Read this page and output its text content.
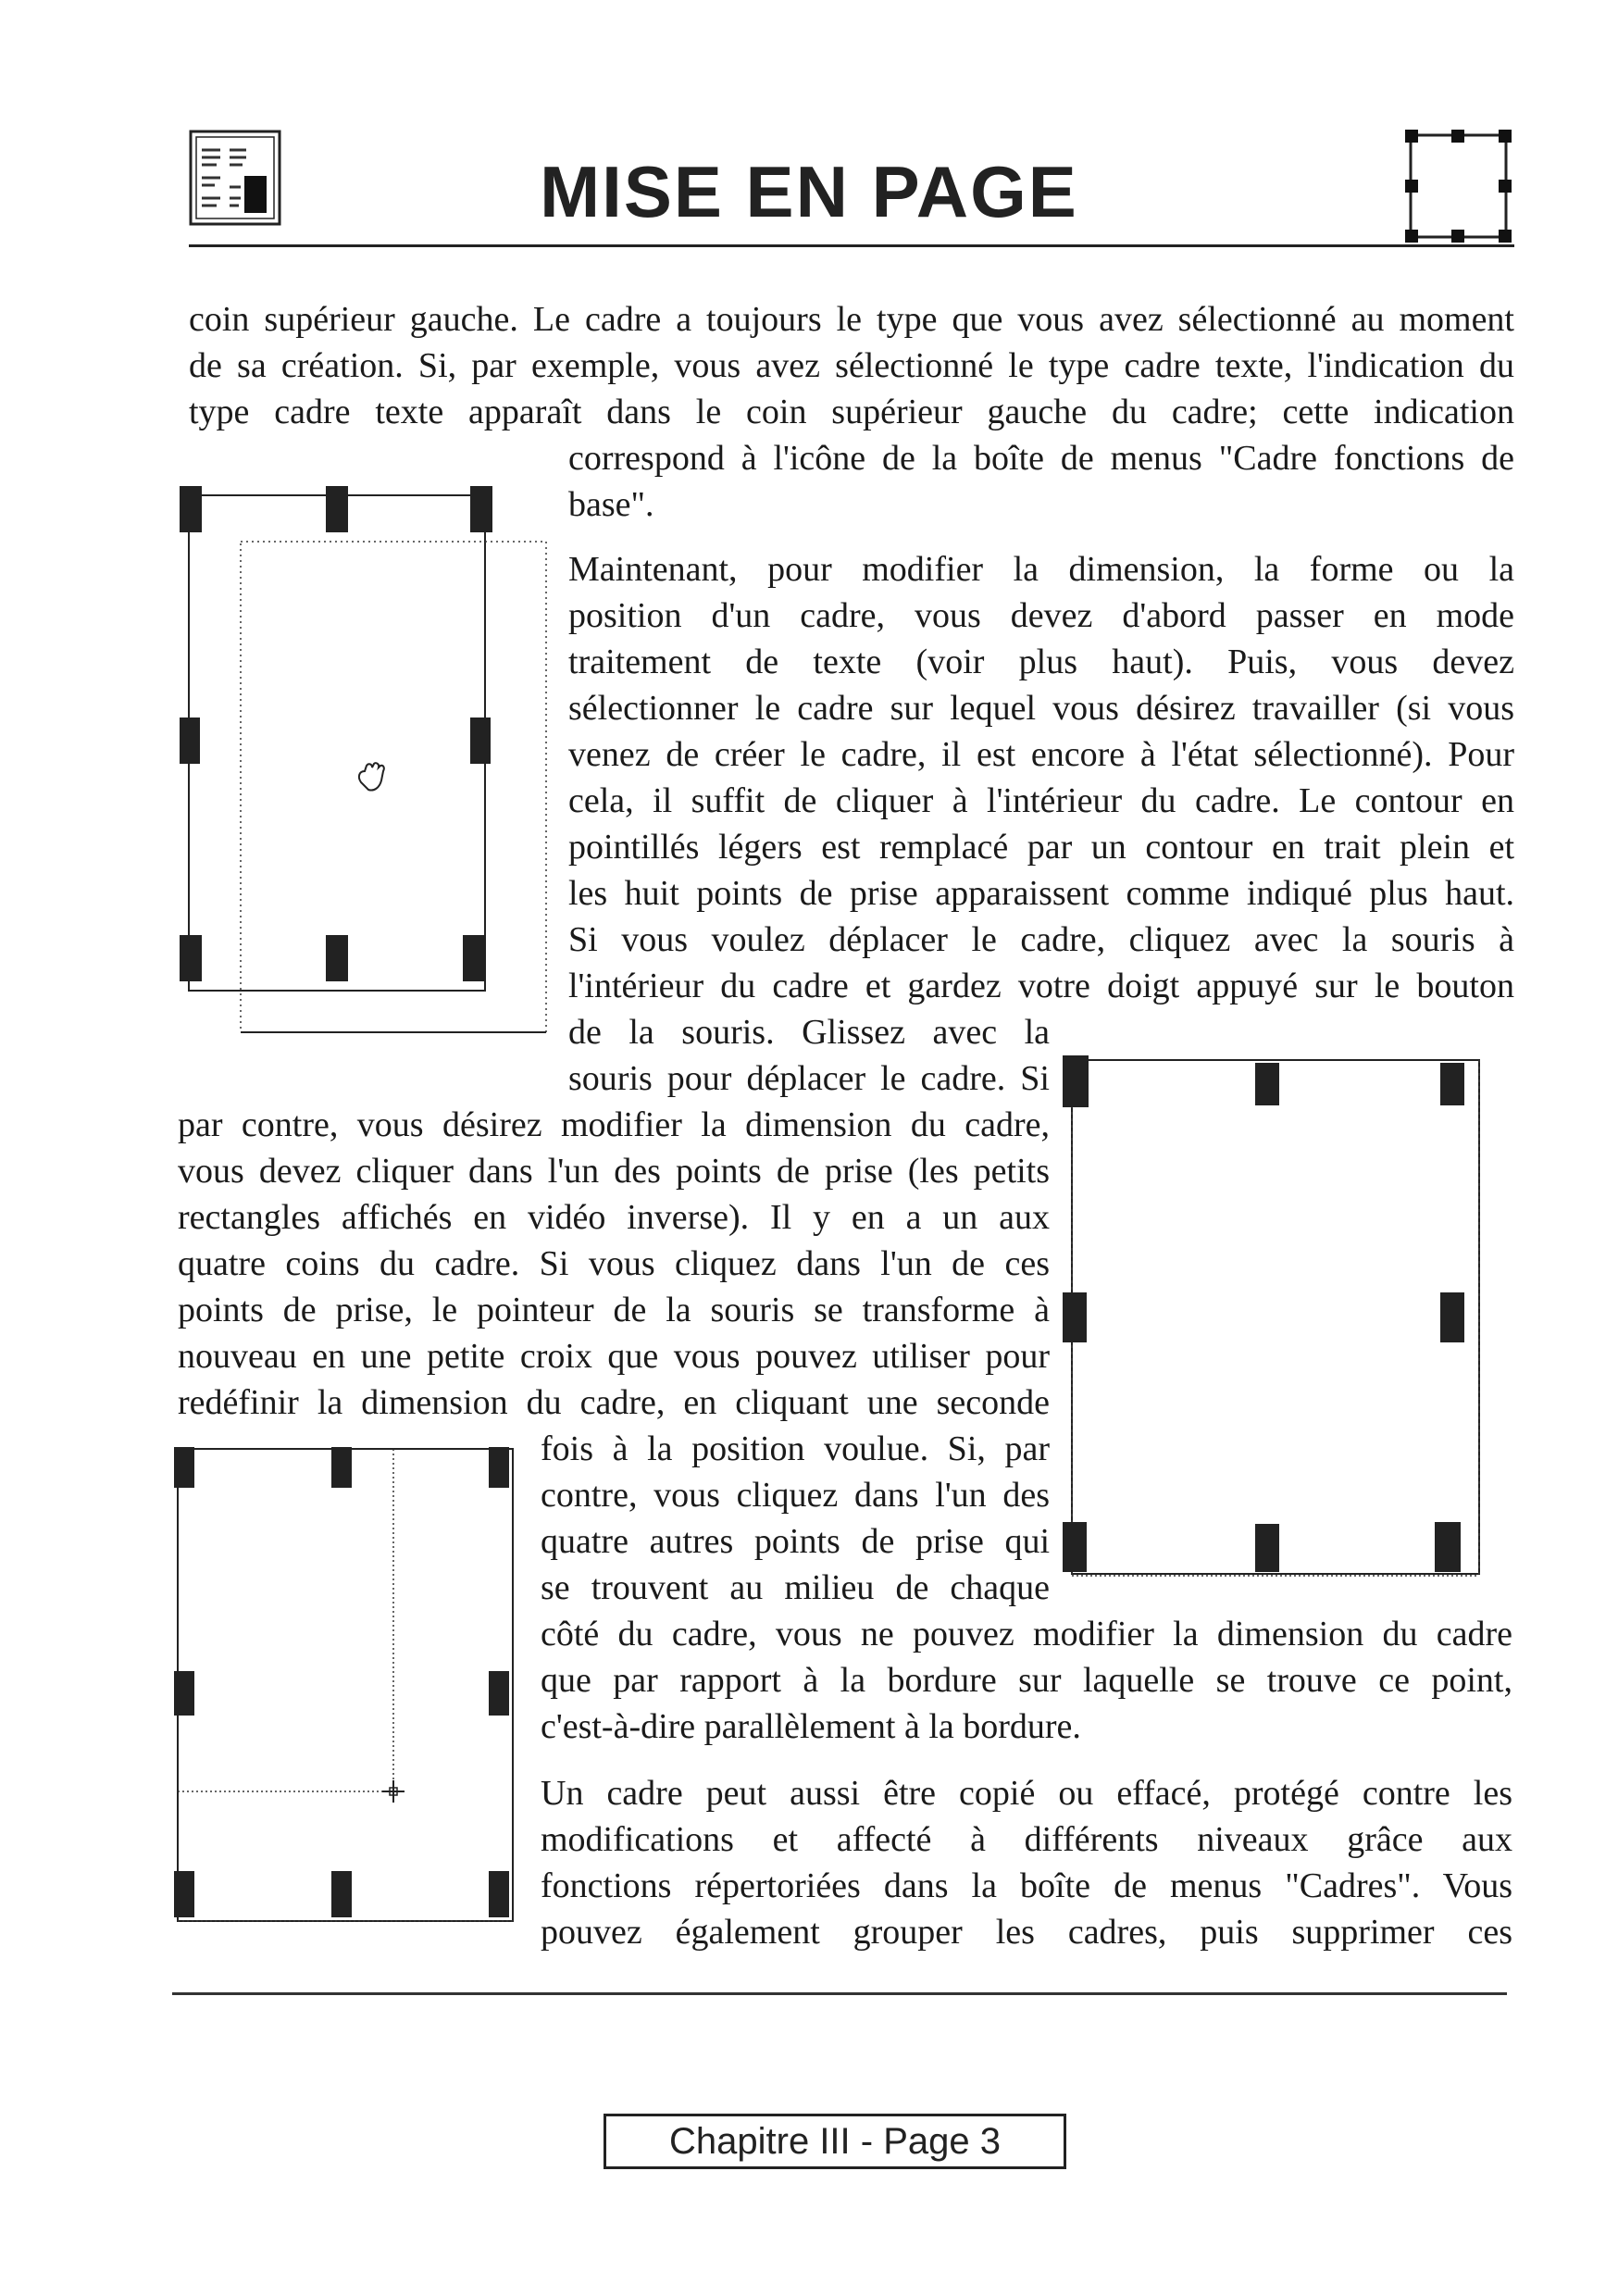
MISE EN PAGE
coin supérieur gauche. Le cadre a toujours le type que vous avez sélectionné au moment
de sa création. Si, par exemple, vous avez sélectionné le type cadre texte, l'indication du
type cadre texte apparaît dans le coin supérieur gauche du cadre; cette indication
correspond à l'icône de la boîte de menus "Cadre fonctions de
base".
Maintenant, pour modifier la dimension, la forme ou la
position d'un cadre, vous devez d'abord passer en mode
traitement de texte (voir plus haut). Puis, vous devez
sélectionner le cadre sur lequel vous désirez travailler (si vous
venez de créer le cadre, il est encore à l'état sélectionné). Pour
cela, il suffit de cliquer à l'intérieur du cadre. Le contour en
pointillés légers est remplacé par un contour en trait plein et
les huit points de prise apparaissent comme indiqué plus haut.
Si vous voulez déplacer le cadre, cliquez avec la souris à
l'intérieur du cadre et gardez votre doigt appuyé sur le bouton
de la souris. Glissez avec la
souris pour déplacer le cadre. Si
par contre, vous désirez modifier la dimension du cadre,
vous devez cliquer dans l'un des points de prise (les petits
rectangles affichés en vidéo inverse). Il y en a un aux
quatre coins du cadre. Si vous cliquez dans l'un de ces
points de prise, le pointeur de la souris se transforme à
nouveau en une petite croix que vous pouvez utiliser pour
redéfinir la dimension du cadre, en cliquant une seconde
fois à la position voulue. Si, par
contre, vous cliquez dans l'un des
quatre autres points de prise qui
se trouvent au milieu de chaque
côté du cadre, vous ne pouvez modifier la dimension du cadre
que par rapport à la bordure sur laquelle se trouve ce point,
c'est-à-dire parallèlement à la bordure.
Un cadre peut aussi être copié ou effacé, protégé contre les
modifications et affecté à différents niveaux grâce aux
fonctions répertoriées dans la boîte de menus "Cadres". Vous
pouvez également grouper les cadres, puis supprimer ces
Chapitre III - Page 3
